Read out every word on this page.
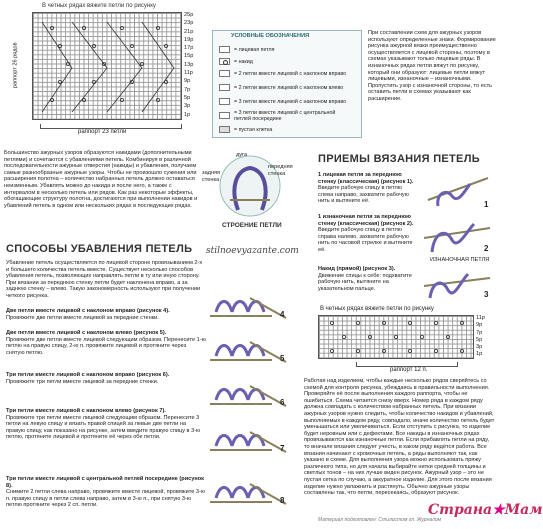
В четных рядах вяжите петли по рисунку
раппорт 26 рядов
25р
23р
21р
19р
17р
15р
13р
11р
9р
7р
5р
3р
1р
раппорт 23 петли
УСЛОВНЫЕ ОБОЗНАЧЕНИЯ
= лицевая петля
= накид
= 2 петли вместе лицевой с наклоном вправо
= 2 петли вместе лицевой с наклоном влево
= 3 петли вместе лицевой с наклоном вправо
= 3 петли вместе лицевой с центральной петлей посередине
= пустая клетка
При составлении схем для ажурных узоров используют определенные знаки. Формирование рисунка ажурной вязки преимущественно осуществляется с лицевой стороны, поэтому в схемах указывают только лицевые ряды. В изнаночных рядах петли вяжут по рисунку, который они образуют: лицевые петли вяжут лицевыми, изнаночные – изнаночными. Пропустить узор с изнаночной стороны, то есть оставить петли в схемах указывают как расширение.
Большинство ажурных узоров образуются накидами (дополнительными петлями) и сочетаются с убавлениями петель. Комбинируя в различной последовательности ажурные отверстия (накиды) и убавления, получаем самые разнообразные ажурные узоры. Чтобы не произошло сужения или расширения полотна – количество набранных петель должно оставаться неизменным. Убавлять можно до накида и после него, а также с интервалом в несколько петель или рядов. Как раз некоторые эффекты, обогащающие структуру полотна, достигаются при выполнении накидов и убавлений петель в одном или нескольких рядах в последующих рядах.
дуга
задняя стенка
передняя стенка
СТРОЕНИЕ ПЕТЛИ
stilnoevyazante.com
ПРИЕМЫ ВЯЗАНИЯ ПЕТЕЛЬ
1 лицевая петля за переднюю стенку (классическая) (рисунок 1).
Введите рабочую спицу в петлю слева направо, захватите рабочую нить и вытяните её.	1
1 изнаночная петля за переднюю стенку (классическая) (рисунок 2).
Введите рабочую спицу в петлю справа налево, захватите рабочую нить по часовой стрелке и вытяните её.	2
ИЗНАНОЧНАЯ ПЕТЛЯ
Накид (прямой) (рисунок 3).
Движение спицы к себе: подхватите рабочую нить, вытяните на указательном пальце.
3
СПОСОБЫ УБАВЛЕНИЯ ПЕТЕЛЬ
Убавление петель осуществляется по лицевой стороне провязыванием 2-х и большего количества петель вместе. Существует несколько способов убавления петель, позволяющих направлять петли в ту или иную сторону. При вязании за переднюю стенку петли будет наклонена вправо, а за заднюю стенку – влево. Такую закономерность используют при получении четкого рисунка.
Две петли вместе лицевой с наклоном вправо (рисунок 4).
Провяжите две петли вместе лицевой за передние стенки.
Две петли вместе лицевой с наклоном влево (рисунок 5).
Провяжите две петли вместе лицевой следующим образом. Перенесите 1-ю петлю на правую спицу, 2-ю п. провяжите лицевой и протяните через снятую петлю.
Три петли вместе лицевой с наклоном вправо (рисунок 6).
Провяжите три петли вместе лицевой за передние стенки.
Три петли вместе лицевой с наклоном влево (рисунок 7).
Провяжите три петли вместе лицевой следующим образом. Перенесите 3 петли на левую спицу и вязать правой спицей за левые две петли на правую спицу, как показано на рисунке, затем введите правую спицу в 3-ю петлю, протяните лицевой и протяните её через обе петли.
Три петли вместе лицевой с центральной петлей посередине (рисунок 8).
Снимите 2 петли слева направо, провяжите вместе лицевой, провяжите 3-ю п. правую спицу в петли слева направо, затем в 3-ю п., при снятую 3-ю петлю протяните через 2 сп. петли.
4
5
6
7
8
В четных рядах вяжите петли по рисунку
11р
9р
7р
5р
3р
1р
раппорт 12 п.
Работая над изделием, чтобы каждые несколько рядов сверяйтесь со схемой для контроля рисунка, убеждаясь в правильности выполнения. Проверяйте её после выполнения каждого раппорта, чтобы не ошибиться. Схема читается снизу вверх. Номер ряда в каждом ряду должна совпадать с количеством набранных петель. При вязании ажурных узоров нужно следить, чтобы количество накидов и убавлений, выполняемых в каждом ряду, совпадало, иначе количество петель будет уменьшаться или увеличиваться. Если отступить с рисунка, то изделие будет неровным или с дефектами. Все накиды в изнаночных рядах провязываются как изнаночные петли. Если прибавлять петли на ряду, то вначале вязания следует учесть, в каком ряду ведётся работа. Все вязания начинают с кромочных петель, а ряды выполняют так, как указано в схеме. Для выполнения узора можно использовать пряжу различного типа, но для начала выбирайте нитки средней толщины и светлых тонов – на них лучше виден рисунок. Ажурный узор – это не пустая сетка по случаю, а аккуратное изделие. Для этого после вязания изделие нужно увлажнить и растянуть. Обычно ажурные узоры составлены так, что петли, пересекаясь, образуют рисунок.
Материал подготовлен: Стилистом гл. Журналом
Страна★Мам
